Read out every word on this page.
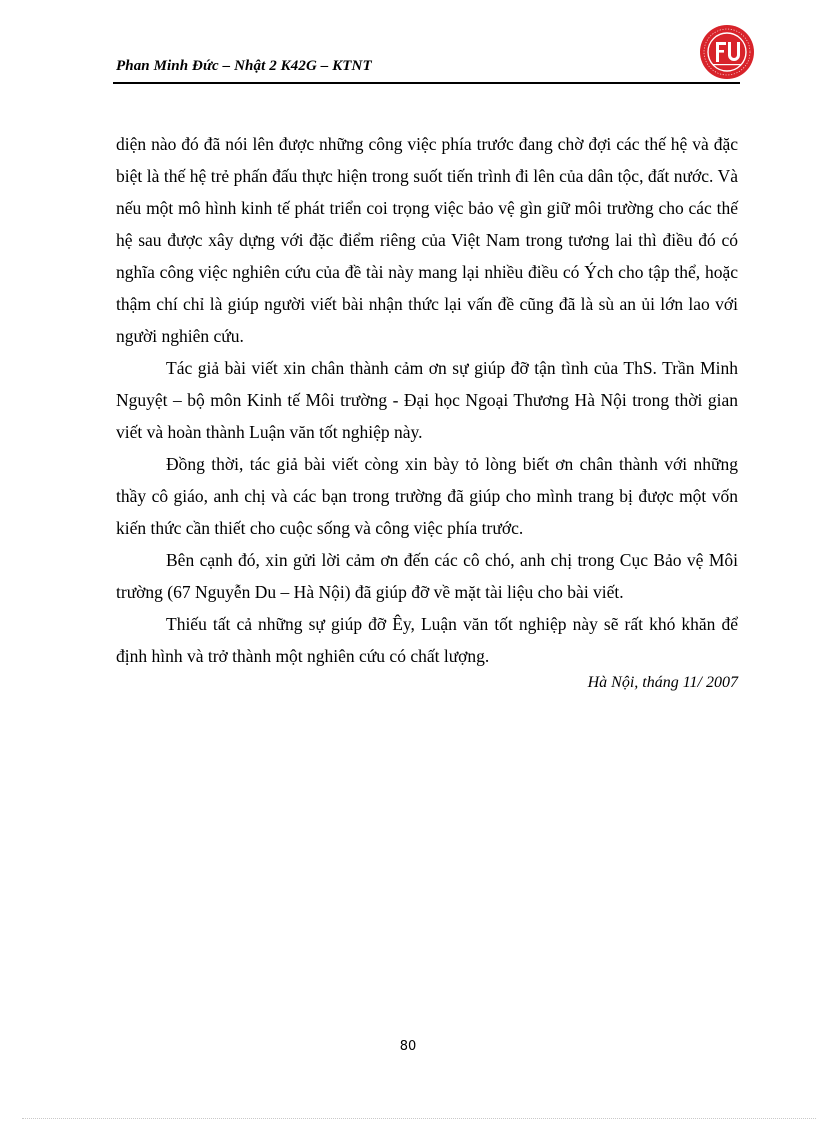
Phan Minh Đức – Nhật 2 K42G – KTNT

diện nào đó đã nói lên được những công việc phía trước đang chờ đợi các thế hệ và đặc biệt là thế hệ trẻ phấn đấu thực hiện trong suốt tiến trình đi lên của dân tộc, đất nước. Và nếu một mô hình kinh tế phát triển coi trọng việc bảo vệ gìn giữ môi trường cho các thế hệ sau được xây dựng với đặc điểm riêng của Việt Nam trong tương lai thì điều đó có nghĩa công việc nghiên cứu của đề tài này mang lại nhiều điều có Ých cho tập thể, hoặc thậm chí chỉ là giúp người viết bài nhận thức lại vấn đề cũng đã là sù an ủi lớn lao với người nghiên cứu.

Tác giả bài viết xin chân thành cảm ơn sự giúp đỡ tận tình của ThS. Trần Minh Nguyệt – bộ môn Kinh tế Môi trường - Đại học Ngoại Thương Hà Nội trong thời gian viết và hoàn thành Luận văn tốt nghiệp này.

Đồng thời, tác giả bài viết còng xin bày tỏ lòng biết ơn chân thành với những thầy cô giáo, anh chị và các bạn trong trường đã giúp cho mình trang bị được một vốn kiến thức cần thiết cho cuộc sống và công việc phía trước.

Bên cạnh đó, xin gửi lời cảm ơn đến các cô chó, anh chị trong Cục Bảo vệ Môi trường (67 Nguyễn Du – Hà Nội) đã giúp đỡ về mặt tài liệu cho bài viết.

Thiếu tất cả những sự giúp đỡ Êy, Luận văn tốt nghiệp này sẽ rất khó khăn để định hình và trở thành một nghiên cứu có chất lượng.

Hà Nội, tháng 11/ 2007

80
